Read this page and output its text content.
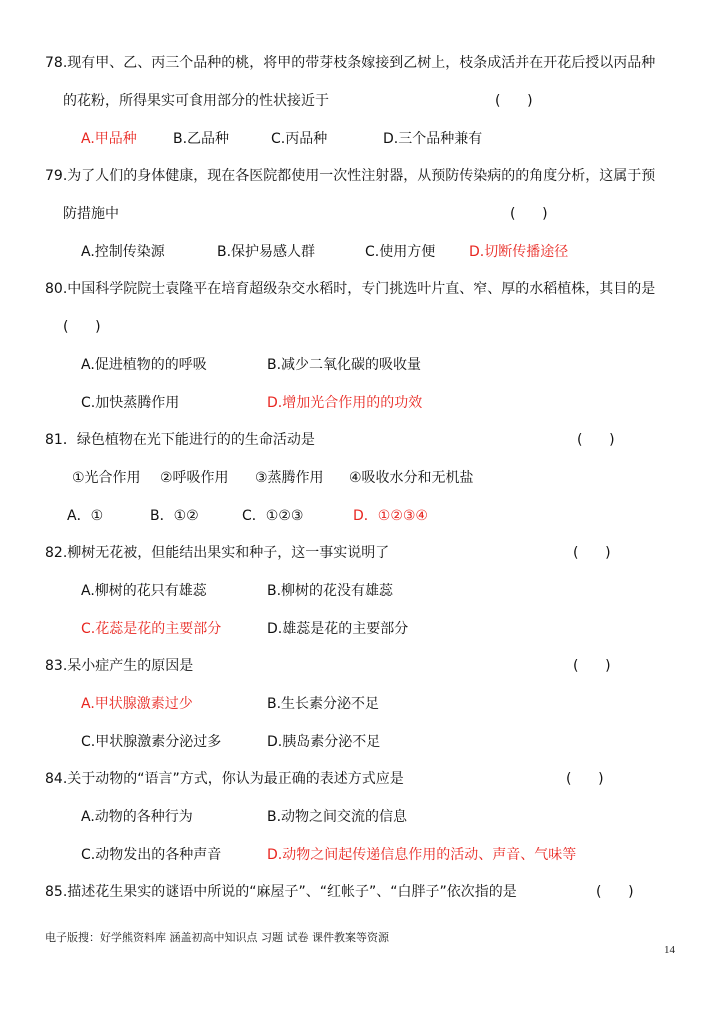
78.现有甲、乙、丙三个品种的桃，将甲的带芽枝条嫁接到乙树上，枝条成活并在开花后授以丙品种
的花粉，所得果实可食用部分的性状接近于	(      )
A.甲品种	B.乙品种	C.丙品种	D.三个品种兼有
79.为了人们的身体健康，现在各医院都使用一次性注射器，从预防传染病的的角度分析，这属于预
防措施中	(      )
A.控制传染源	B.保护易感人群	C.使用方便 D.切断传播途径
80.中国科学院院士袁隆平在培育超级杂交水稻时，专门挑选叶片直、窄、厚的水稻植株，其目的是
(      )
A.促进植物的的呼吸	B.减少二氧化碳的吸收量
C.加快蒸腾作用	D.增加光合作用的的功效
81．绿色植物在光下能进行的的生命活动是	(      )
①光合作用 ②呼吸作用 ③蒸腾作用 ④吸收水分和无机盐
A．①	B．①②	C．①②③	D．①②③④
82.柳树无花被，但能结出果实和种子，这一事实说明了	(      )
A.柳树的花只有雄蕊	B.柳树的花没有雄蕊
C.花蕊是花的主要部分	D.雄蕊是花的主要部分
83.呆小症产生的原因是	(      )
A.甲状腺激素过少	B.生长素分泌不足
C.甲状腺激素分泌过多	D.胰岛素分泌不足
84.关于动物的“语言”方式，你认为最正确的表述方式应是	(      )
A.动物的各种行为	B.动物之间交流的信息
C.动物发出的各种声音	D.动物之间起传递信息作用的活动、声音、气味等
85.描述花生果实的谜语中所说的“麻屋子”、“红帐子”、“白胖子”依次指的是	(      )
电子版搜：好学熊资料库 涵盖初高中知识点 习题 试卷 课件教案等资源
14
